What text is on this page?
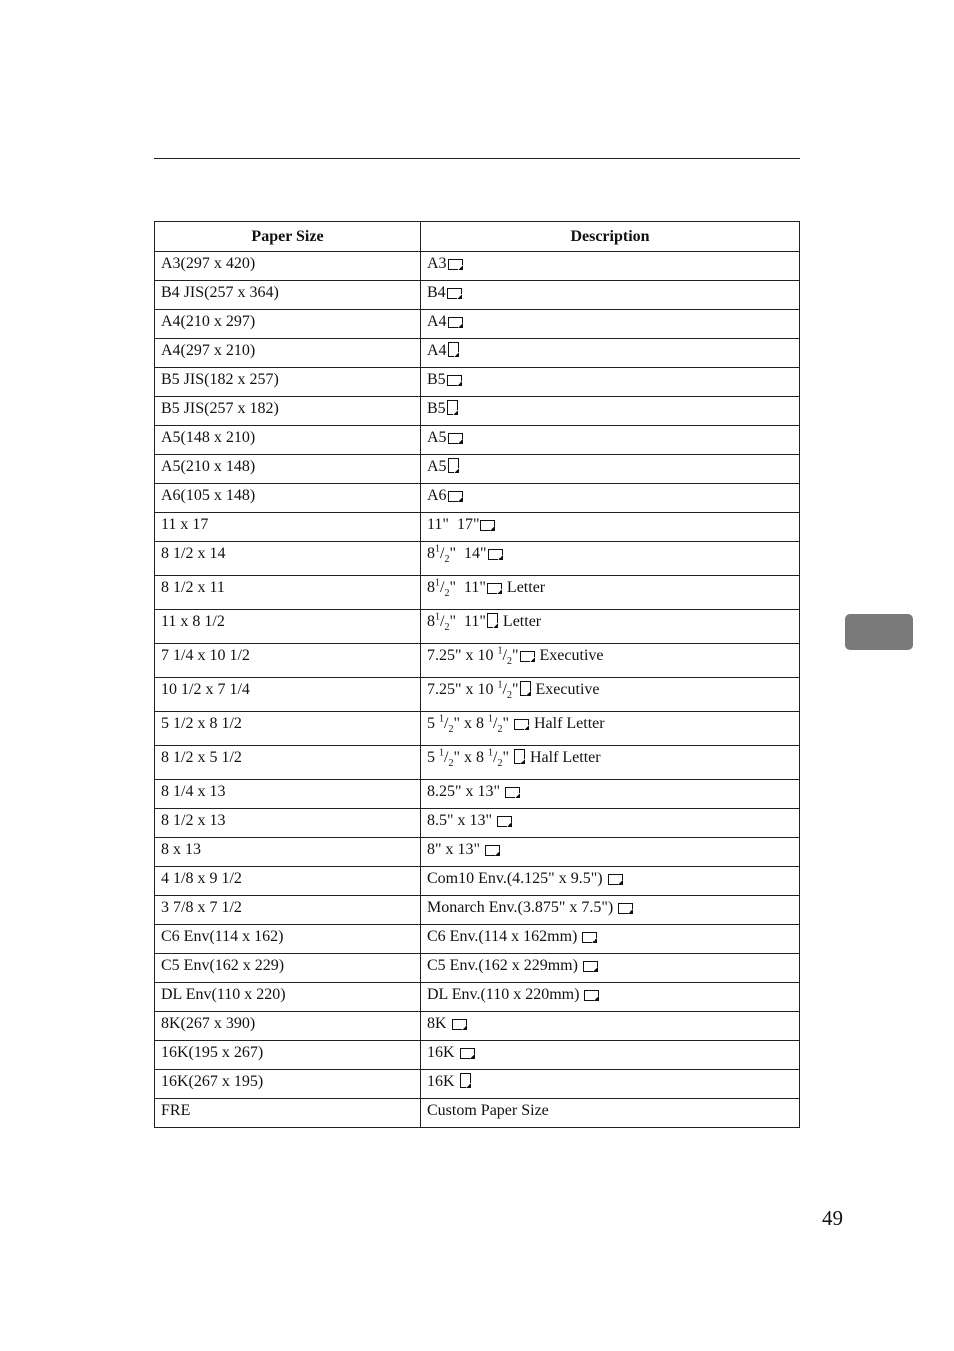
Paper Size	Description
A3(297 x 420)	A3
B4 JIS(257 x 364)	B4
A4(210 x 297)	A4
A4(297 x 210)	A4
B5 JIS(182 x 257)	B5
B5 JIS(257 x 182)	B5
A5(148 x 210)	A5
A5(210 x 148)	A5
A6(105 x 148)	A6
11 x 17	11"  17"
8 1/2 x 14	$8^1/_2$"  14"
8 1/2 x 11	$8^1/_2$"  11" Letter
11 x 8 1/2	$8^1/_2$"  11" Letter
7 1/4 x 10 1/2	7.25" x 10 $^1/_2$" Executive
10 1/2 x 7 1/4	7.25" x 10 $^1/_2$" Executive
5 1/2 x 8 1/2	5 $^1/_2$" x 8 $^1/_2$"  Half Letter
8 1/2 x 5 1/2	5 $^1/_2$" x 8 $^1/_2$"  Half Letter
8 1/4 x 13	8.25" x 13"
8 1/2 x 13	8.5" x 13"
8 x 13	8" x 13"
4 1/8 x 9 1/2	Com10 Env.(4.125" x 9.5")
3 7/8 x 7 1/2	Monarch Env.(3.875" x 7.5")
C6 Env(114 x 162)	C6 Env.(114 x 162mm)
C5 Env(162 x 229)	C5 Env.(162 x 229mm)
DL Env(110 x 220)	DL Env.(110 x 220mm)
8K(267 x 390)	8K
16K(195 x 267)	16K
16K(267 x 195)	16K
FRE	Custom Paper Size
49
